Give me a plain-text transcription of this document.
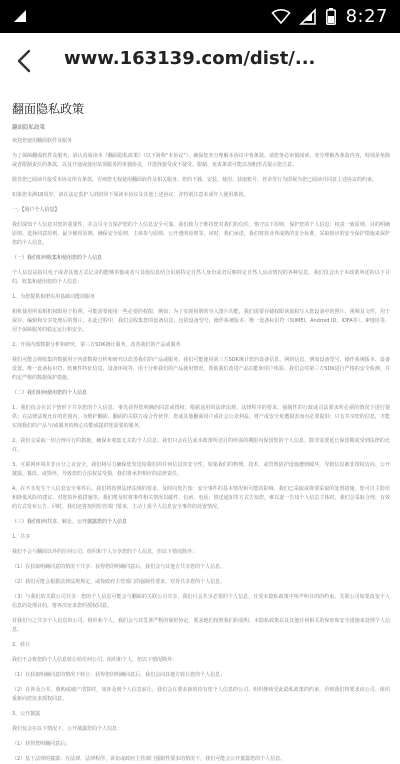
8:27
www.163139.com/dist/...
翻面隐私政策
翻面隐私政策

欢迎您使用翻面软件及服务

为了保障翻面软件及服务，请认真阅读本《翻面隐私政策》（以下简称"本协议"），确保您充分理解本协议中各条款。请您务必审慎阅读、充分理解各条款内容，特别是免除或者限制责任的条款，以及开通或使用某项服务的单独协议，并选择接受或不接受。限制、免责条款可能以加粗形式提示您注意。

除非您已阅读并接受本协议所有条款，否则您无权使用翻面软件及相关服务。您的下载、安装、使用、获取账号、登录等行为即视为您已阅读并同意上述协议的约束。

如果您未满18周岁，请在法定监护人的陪同下阅读本协议及其他上述协议，并特别注意未成年人使用条款。

一、【用户个人信息】

我们深知个人信息对您的重要性，并会尽全力保护您的个人信息安全可靠。我们致力于维持您对我们的信任，恪守以下原则，保护您的个人信息：权责一致原则、目的明确原则、选择同意原则、最少够用原则、确保安全原则、主体参与原则、公开透明原则等。同时，我们承诺，我们将按业界成熟的安全标准，采取相应的安全保护措施来保护您的个人信息。

（一）我们如何收集和使用您的个人信息

个人信息是指以电子或者其他方式记录的能够单独或者与其他信息结合识别特定自然人身份或者反映特定自然人活动情况的各种信息。我们仅会出于本政策所述的以下目的，收集和使用您的个人信息：

1、为您提供相册实用基础功能的服务

相机使用所需相机权限用于拍照，可能需要使用一些必要的权限，例如：为了实现相册的导入图片功能，我们需要存储权限读取和写入您设备中的照片、视频及文件，用于保存、编辑和分享处理后的图片。在此过程中，我们会收集您的设备信息，包括设备型号、操作系统版本、唯一设备标识符（如IMEI、Android ID、IDFA等）、IP地址等，用于保障服务的稳定运行和安全。

2、开展内部数据分析和研究，第三方SDK统计服务，改善我们的产品或服务

我们可能会将收集的数据用于内部数据分析和研究以改善我们的产品或服务。我们可能使用第三方SDK统计您的设备信息、网络信息，例如设备型号、操作系统版本、设备设置、唯一设备标识符、软硬件特征信息、设备环境等，用于分析我们的产品使用情况，帮助我们改进产品功能和用户体验。我们会对第三方SDK进行严格的安全检测，并约定严格的数据保护措施。

（二）我们如何使用您的个人信息

1、我们仅会在以下情形下共享您的个人信息：事先获得您明确的同意或授权；根据适用的法律法规、法律程序的要求、强制性的行政或司法要求所必须的情况下进行提供；在法律法规允许的范围内，为维护翻面、翻面的关联方或合作伙伴、您或其他翻面用户或社会公众利益、财产或安全免遭损害而有必要提供；只有共享您的信息，才能实现我们的产品与/或服务的核心功能或提供您需要的服务。

2、我们会采取一切合理可行的措施，确保未收集无关的个人信息。我们只会在达成本政策所述目的所需的期限内保留您的个人信息，除非需要延长保留期或受到法律的允许。

3、互联网环境并非百分之百安全，我们将尽力确保您发送给我们的任何信息的安全性。如果我们的物理、技术、或管理防护设施遭到破坏，导致信息被非授权访问、公开披露、篡改、或毁坏，导致您的合法权益受损，我们将承担相应的法律责任。

4、在不幸发生个人信息安全事件后，我们将按照法律法规的要求，及时向您告知：安全事件的基本情况和可能的影响、我们已采取或将要采取的处置措施、您可自主防范和降低风险的建议、对您的补救措施等。我们将及时将事件相关情况以邮件、信函、电话、推送通知等方式告知您，难以逐一告知个人信息主体时，我们会采取合理、有效的方式发布公告。同时，我们还将按照监管部门要求，主动上报个人信息安全事件的处置情况。

（三）我们如何共享、转让、公开披露您的个人信息

1、共享

我们不会与翻面以外的任何公司、组织和个人分享您的个人信息，但以下情况除外：

（1）在获取明确同意的情况下共享：获得您的明确同意后，我们会与其他方共享您的个人信息。

（2）我们可能会根据法律法规规定，或按政府主管部门的强制性要求，对外共享您的个人信息。

（3）与我们的关联公司共享：您的个人信息可能会与翻面的关联公司共享。我们只会共享必要的个人信息，且受本隐私政策中所声明目的的约束。关联公司如要改变个人信息的处理目的，将再次征求您的授权同意。

对我们与之共享个人信息的公司、组织和个人，我们会与其签署严格的保密协定，要求他们按照我们的说明、本隐私政策以及其他任何相关的保密和安全措施来处理个人信息。

2、转让

我们不会将您的个人信息转让给任何公司、组织和个人，但以下情况除外：

（1）在获取明确同意的情况下转让：获得您的明确同意后，我们会向其他方转让您的个人信息；

（2）在涉及合并、收购或破产清算时，如涉及到个人信息转让，我们会在要求新的持有您个人信息的公司、组织继续受此隐私政策的约束，否则我们将要求该公司、组织重新向您征求授权同意。

3、公开披露

我们仅会在以下情况下，公开披露您的个人信息：

（1）获得您明确同意后；

（2）基于法律的披露：在法律、法律程序、诉讼或政府主管部门强制性要求的情况下，我们可能会公开披露您的个人信息。
